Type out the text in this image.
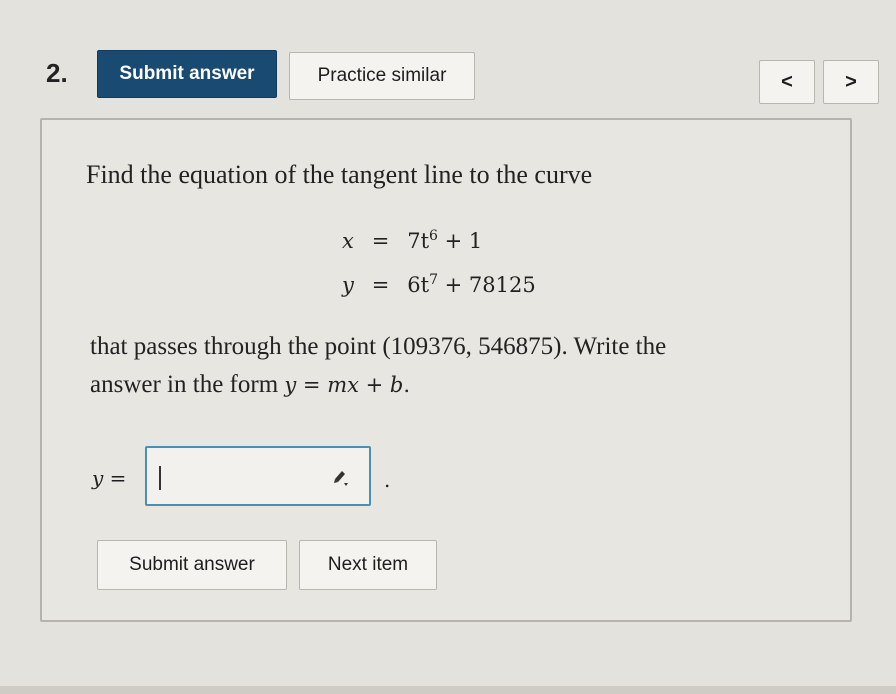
2.	Submit answer	Practice similar	<	>
Find the equation of the tangent line to the curve
$x = 7t^6 + 1$
$y = 6t^7 + 78125$
that passes through the point (109376, 546875). Write the
answer in the form y = mx + b.
y =	.
Submit answer	Next item
